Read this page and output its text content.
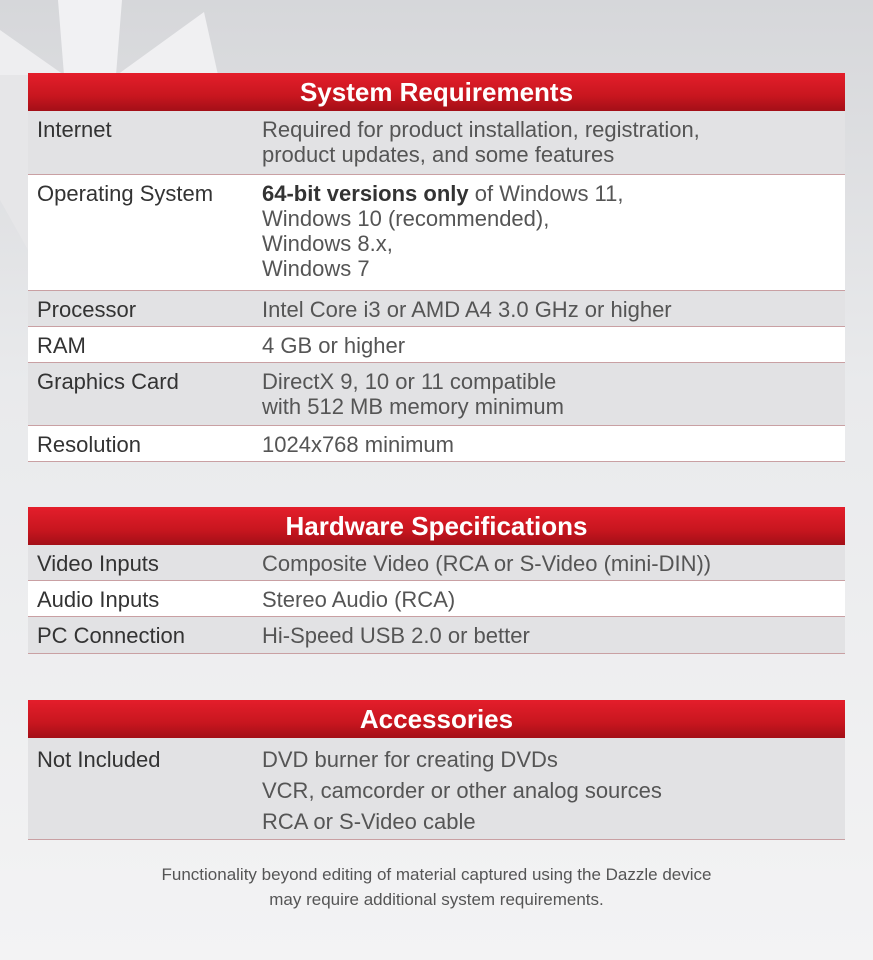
System Requirements
Internet	Required for product installation, registration,
product updates, and some features
Operating System	64-bit versions only of Windows 11,
Windows 10 (recommended),
Windows 8.x,
Windows 7
Processor	Intel Core i3 or AMD A4 3.0 GHz or higher
RAM	4 GB or higher
Graphics Card	DirectX 9, 10 or 11 compatible
with 512 MB memory minimum
Resolution	1024x768 minimum
Hardware Specifications
Video Inputs	Composite Video (RCA or S-Video (mini-DIN))
Audio Inputs	Stereo Audio (RCA)
PC Connection	Hi-Speed USB 2.0 or better
Accessories
Not Included	DVD burner for creating DVDs
VCR, camcorder or other analog sources
RCA or S-Video cable
Functionality beyond editing of material captured using the Dazzle device
may require additional system requirements.
